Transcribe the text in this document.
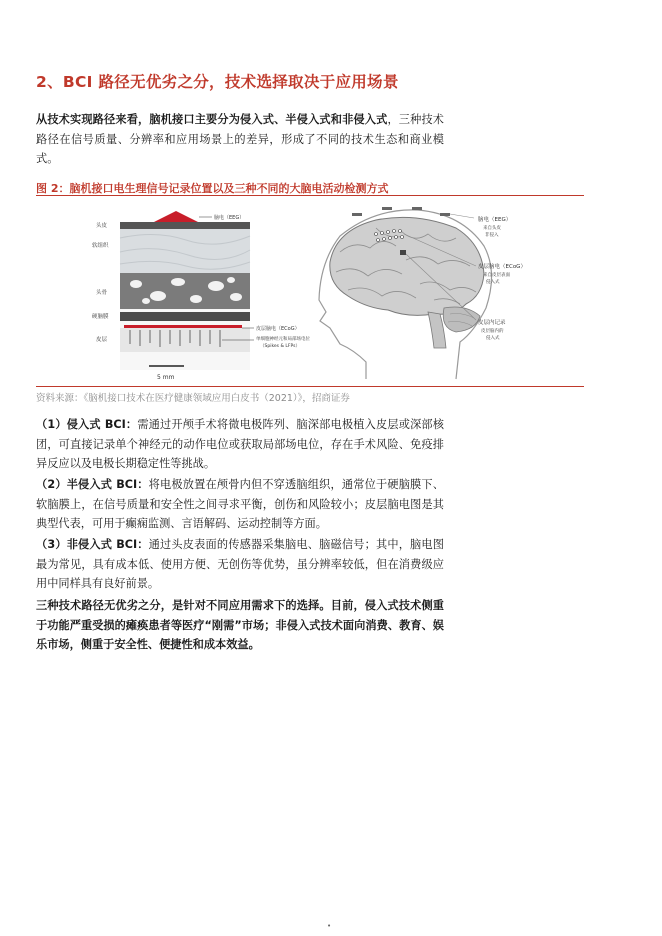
2、BCI 路径无优劣之分，技术选择取决于应用场景

从技术实现路径来看，脑机接口主要分为侵入式、半侵入式和非侵入式，三种技术路径在信号质量、分辨率和应用场景上的差异，形成了不同的技术生态和商业模式。

图 2：脑机接口电生理信号记录位置以及三种不同的大脑电活动检测方式

头皮
软组织
头骨
硬脑膜
皮层
脑电（EEG）
皮层脑电（ECoG）
单细胞神经元和局部场电位
（Spikes & LFPs）
5 mm
脑电（EEG）
来自头皮
非侵入
皮层脑电（ECoG）
来自皮层表面
侵入式
皮层内记录
皮层脑内的
侵入式

资料来源：《脑机接口技术在医疗健康领域应用白皮书（2021）》，招商证券

（1）侵入式 BCI：需通过开颅手术将微电极阵列、脑深部电极植入皮层或深部核团，可直接记录单个神经元的动作电位或获取局部场电位，存在手术风险、免疫排异反应以及电极长期稳定性等挑战。

（2）半侵入式 BCI：将电极放置在颅骨内但不穿透脑组织，通常位于硬脑膜下、软脑膜上，在信号质量和安全性之间寻求平衡，创伤和风险较小；皮层脑电图是其典型代表，可用于癫痫监测、言语解码、运动控制等方面。

（3）非侵入式 BCI：通过头皮表面的传感器采集脑电、脑磁信号；其中，脑电图最为常见，具有成本低、使用方便、无创伤等优势，虽分辨率较低，但在消费级应用中同样具有良好前景。

三种技术路径无优劣之分，是针对不同应用需求下的选择。目前，侵入式技术侧重于功能严重受损的瘫痪患者等医疗“刚需”市场；非侵入式技术面向消费、教育、娱乐市场，侧重于安全性、便捷性和成本效益。

•
